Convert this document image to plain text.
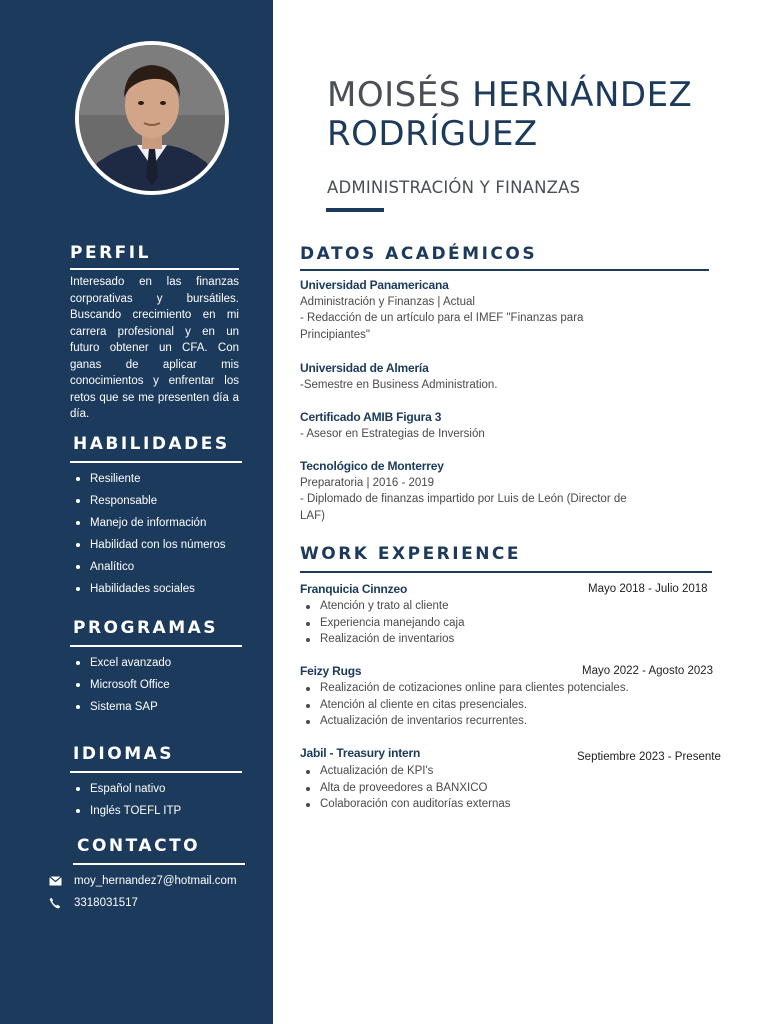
PERFIL

Interesado en las finanzas corporativas y bursátiles. Buscando crecimiento en mi carrera profesional y en un futuro obtener un CFA. Con ganas de aplicar mis conocimientos y enfrentar los retos que se me presenten día a día.

HABILIDADES
Resiliente
Responsable
Manejo de información
Habilidad con los números
Analítico
Habilidades sociales
PROGRAMAS
Excel avanzado
Microsoft Office
Sistema SAP
IDIOMAS
Español nativo
Inglés TOEFL ITP
CONTACTO
moy_hernandez7@hotmail.com
3318031517
MOISÉS HERNÁNDEZ RODRÍGUEZ

ADMINISTRACIÓN Y FINANZAS

DATOS ACADÉMICOS

Universidad Panamericana

Administración y Finanzas | Actual

- Redacción de un artículo para el IMEF "Finanzas para Principiantes"

Universidad de Almería

-Semestre en Business Administration.

Certificado AMIB Figura 3

- Asesor en Estrategias de Inversión

Tecnológico de Monterrey

Preparatoria | 2016 - 2019

- Diplomado de finanzas impartido por Luis de León (Director de LAF)

WORK EXPERIENCE
Franquicia Cinnzeo	Mayo 2018 - Julio 2018
Atención y trato al cliente
Experiencia manejando caja
Realización de inventarios
Feizy Rugs	Mayo 2022 - Agosto 2023
Realización de cotizaciones online para clientes potenciales.
Atención al cliente en citas presenciales.
Actualización de inventarios recurrentes.
Jabil - Treasury intern	Septiembre 2023 - Presente
Actualización de KPI's
Alta de proveedores a BANXICO
Colaboración con auditorías externas
